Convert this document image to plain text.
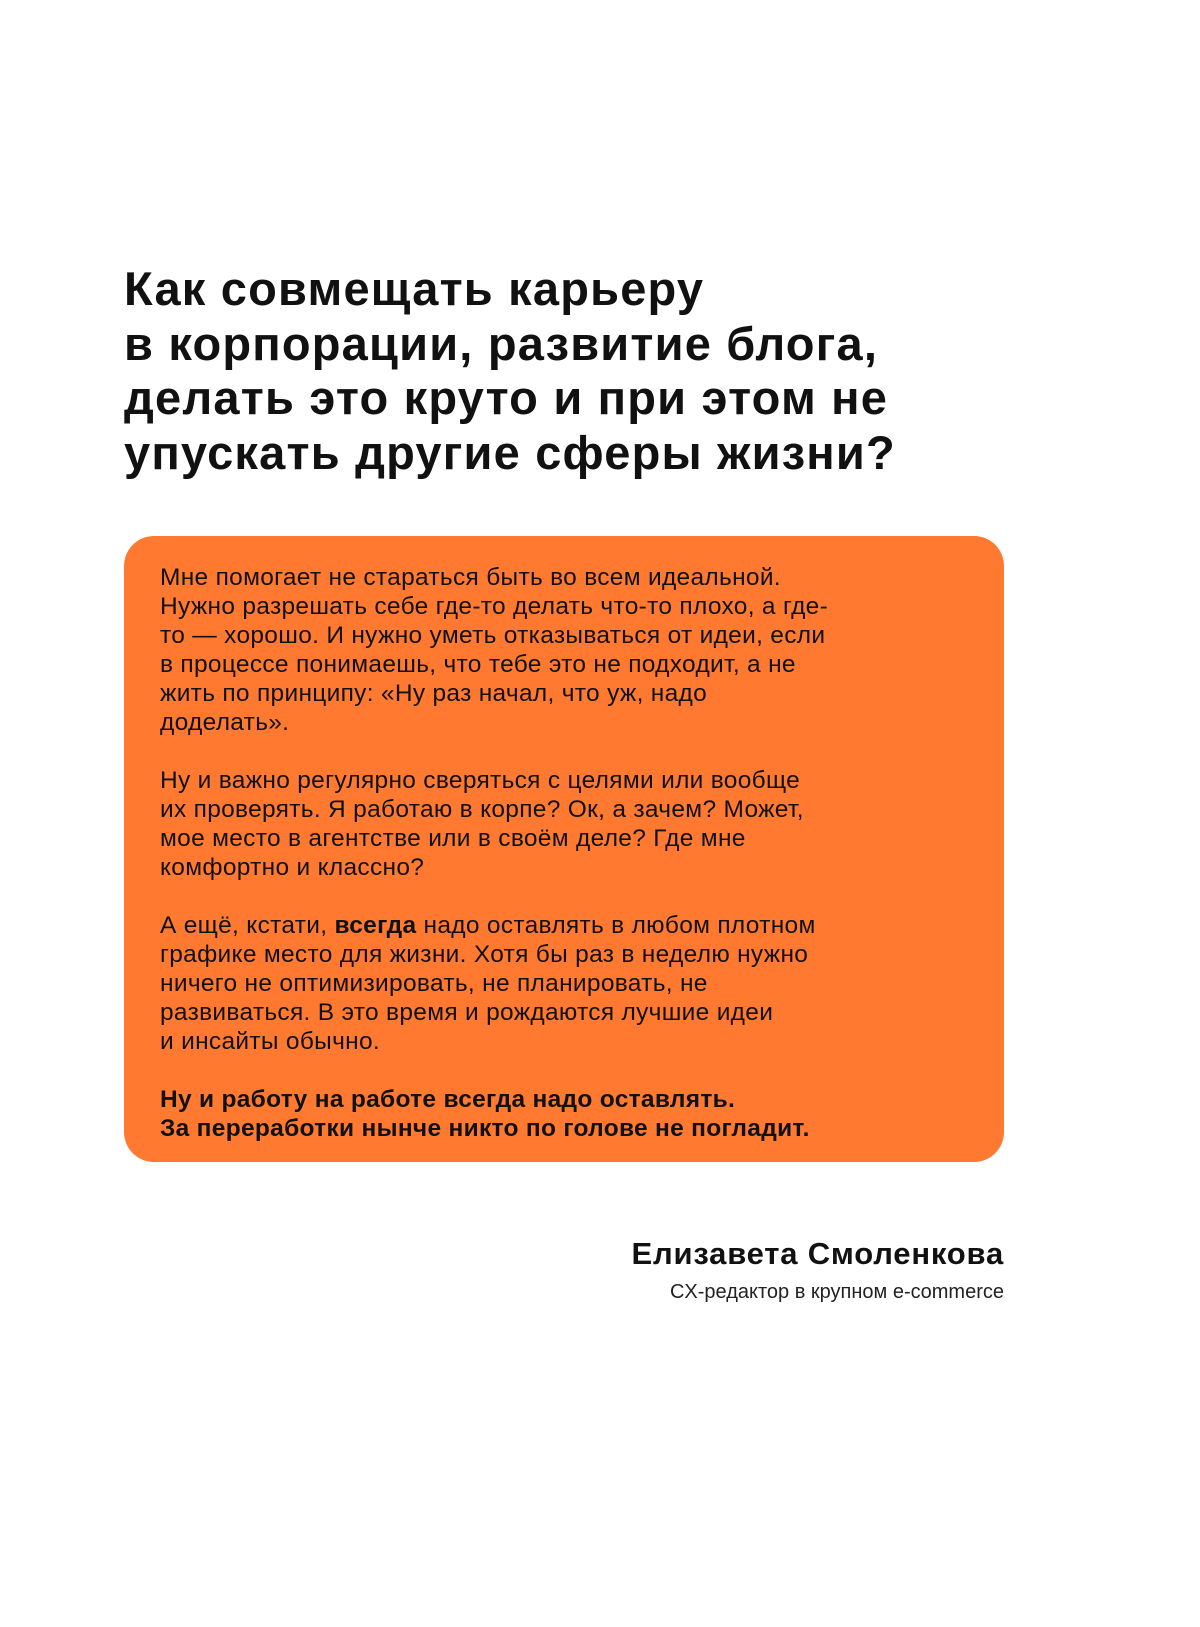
Как совмещать карьеру
в корпорации, развитие блога,
делать это круто и при этом не
упускать другие сферы жизни?

Мне помогает не стараться быть во всем идеальной.
Нужно разрешать себе где-то делать что-то плохо, а где-
то — хорошо. И нужно уметь отказываться от идеи, если
в процессе понимаешь, что тебе это не подходит, а не
жить по принципу: «Ну раз начал, что уж, надо
доделать».

Ну и важно регулярно сверяться с целями или вообще
их проверять. Я работаю в корпе? Ок, а зачем? Может,
мое место в агентстве или в своём деле? Где мне
комфортно и классно?

А ещё, кстати, всегда надо оставлять в любом плотном
графике место для жизни. Хотя бы раз в неделю нужно
ничего не оптимизировать, не планировать, не
развиваться. В это время и рождаются лучшие идеи
и инсайты обычно.

Ну и работу на работе всегда надо оставлять.
За переработки нынче никто по голове не погладит.

Елизавета Смоленкова
CX-редактор в крупном e-commerce
